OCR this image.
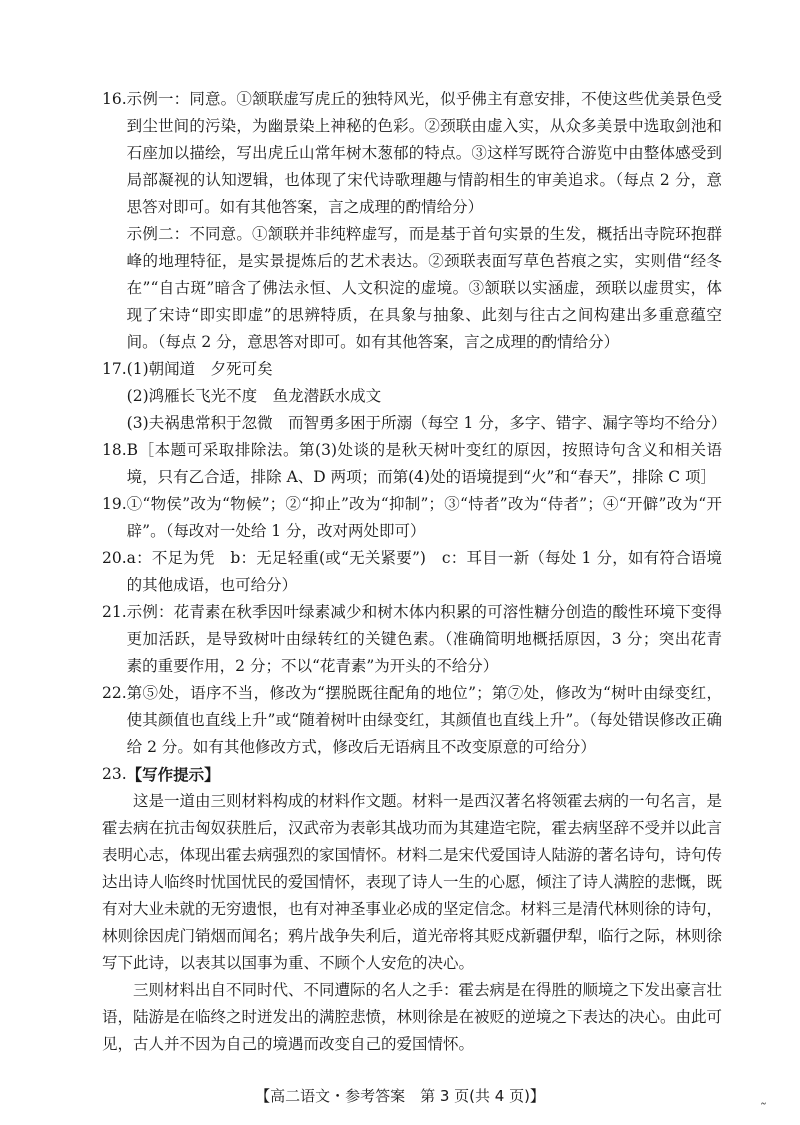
16. 示例一：同意。①颔联虚写虎丘的独特风光，似乎佛主有意安排，不使这些优美景色受到尘世间的污染，为幽景染上神秘的色彩。②颈联由虚入实，从众多美景中选取剑池和石座加以描绘，写出虎丘山常年树木葱郁的特点。③这样写既符合游览中由整体感受到局部凝视的认知逻辑，也体现了宋代诗歌理趣与情韵相生的审美追求。（每点 2 分，意思答对即可。如有其他答案，言之成理的酌情给分）

示例二：不同意。①颔联并非纯粹虚写，而是基于首句实景的生发，概括出寺院环抱群峰的地理特征，是实景提炼后的艺术表达。②颈联表面写草色苔痕之实，实则借“经冬在”“自古斑”暗含了佛法永恒、人文积淀的虚境。③颔联以实涵虚，颈联以虚贯实，体现了宋诗“即实即虚”的思辨特质，在具象与抽象、此刻与往古之间构建出多重意蕴空间。（每点 2 分，意思答对即可。如有其他答案，言之成理的酌情给分）

17. (1)朝闻道　夕死可矣

(2)鸿雁长飞光不度　鱼龙潜跃水成文

(3)夫祸患常积于忽微　而智勇多困于所溺（每空 1 分，多字、错字、漏字等均不给分）

18. B［本题可采取排除法。第(3)处谈的是秋天树叶变红的原因，按照诗句含义和相关语境，只有乙合适，排除 A、D 两项；而第(4)处的语境提到“火”和“春天”，排除 C 项］

19. ①“物侯”改为“物候”；②“抑止”改为“抑制”；③“恃者”改为“侍者”；④“开僻”改为“开辟”。（每改对一处给 1 分，改对两处即可）

20. a：不足为凭　b：无足轻重(或“无关紧要”)　c：耳目一新（每处 1 分，如有符合语境的其他成语，也可给分）

21. 示例：花青素在秋季因叶绿素减少和树木体内积累的可溶性糖分创造的酸性环境下变得更加活跃，是导致树叶由绿转红的关键色素。（准确简明地概括原因，3 分；突出花青素的重要作用，2 分；不以“花青素”为开头的不给分）

22. 第⑤处，语序不当，修改为“摆脱既往配角的地位”；第⑦处，修改为“树叶由绿变红，使其颜值也直线上升”或“随着树叶由绿变红，其颜值也直线上升”。（每处错误修改正确给 2 分。如有其他修改方式，修改后无语病且不改变原意的可给分）

23. 【写作提示】

这是一道由三则材料构成的材料作文题。材料一是西汉著名将领霍去病的一句名言，是霍去病在抗击匈奴获胜后，汉武帝为表彰其战功而为其建造宅院，霍去病坚辞不受并以此言表明心志，体现出霍去病强烈的家国情怀。材料二是宋代爱国诗人陆游的著名诗句，诗句传达出诗人临终时忧国忧民的爱国情怀，表现了诗人一生的心愿，倾注了诗人满腔的悲慨，既有对大业未就的无穷遗恨，也有对神圣事业必成的坚定信念。材料三是清代林则徐的诗句，林则徐因虎门销烟而闻名；鸦片战争失利后，道光帝将其贬戍新疆伊犁，临行之际，林则徐写下此诗，以表其以国事为重、不顾个人安危的决心。

三则材料出自不同时代、不同遭际的名人之手：霍去病是在得胜的顺境之下发出豪言壮语，陆游是在临终之时迸发出的满腔悲愤，林则徐是在被贬的逆境之下表达的决心。由此可见，古人并不因为自己的境遇而改变自己的爱国情怀。

【高二语文・参考答案　第 3 页(共 4 页)】	˷
